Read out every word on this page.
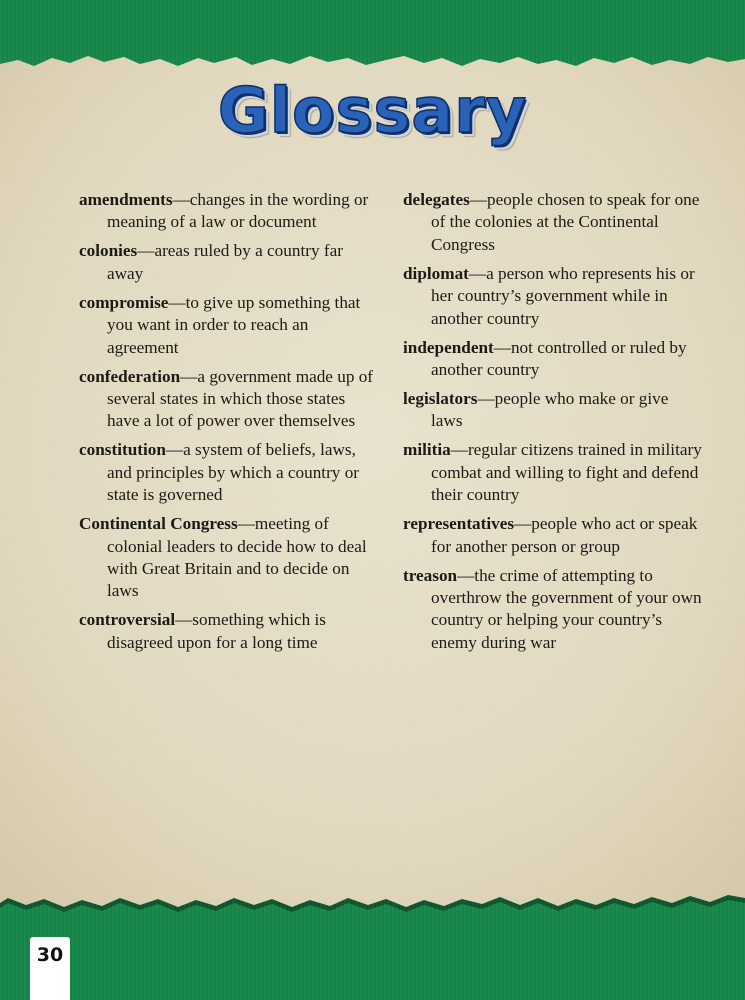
Glossary

amendments—changes in the wording or meaning of a law or document

colonies—areas ruled by a country far away

compromise—to give up something that you want in order to reach an agreement

confederation—a government made up of several states in which those states have a lot of power over themselves

constitution—a system of beliefs, laws, and principles by which a country or state is governed

Continental Congress—meeting of colonial leaders to decide how to deal with Great Britain and to decide on laws

controversial—something which is disagreed upon for a long time

delegates—people chosen to speak for one of the colonies at the Continental Congress

diplomat—a person who represents his or her country’s government while in another country

independent—not controlled or ruled by another country

legislators—people who make or give laws

militia—regular citizens trained in military combat and willing to fight and defend their country

representatives—people who act or speak for another person or group

treason—the crime of attempting to overthrow the government of your own country or helping your country’s enemy during war

30
